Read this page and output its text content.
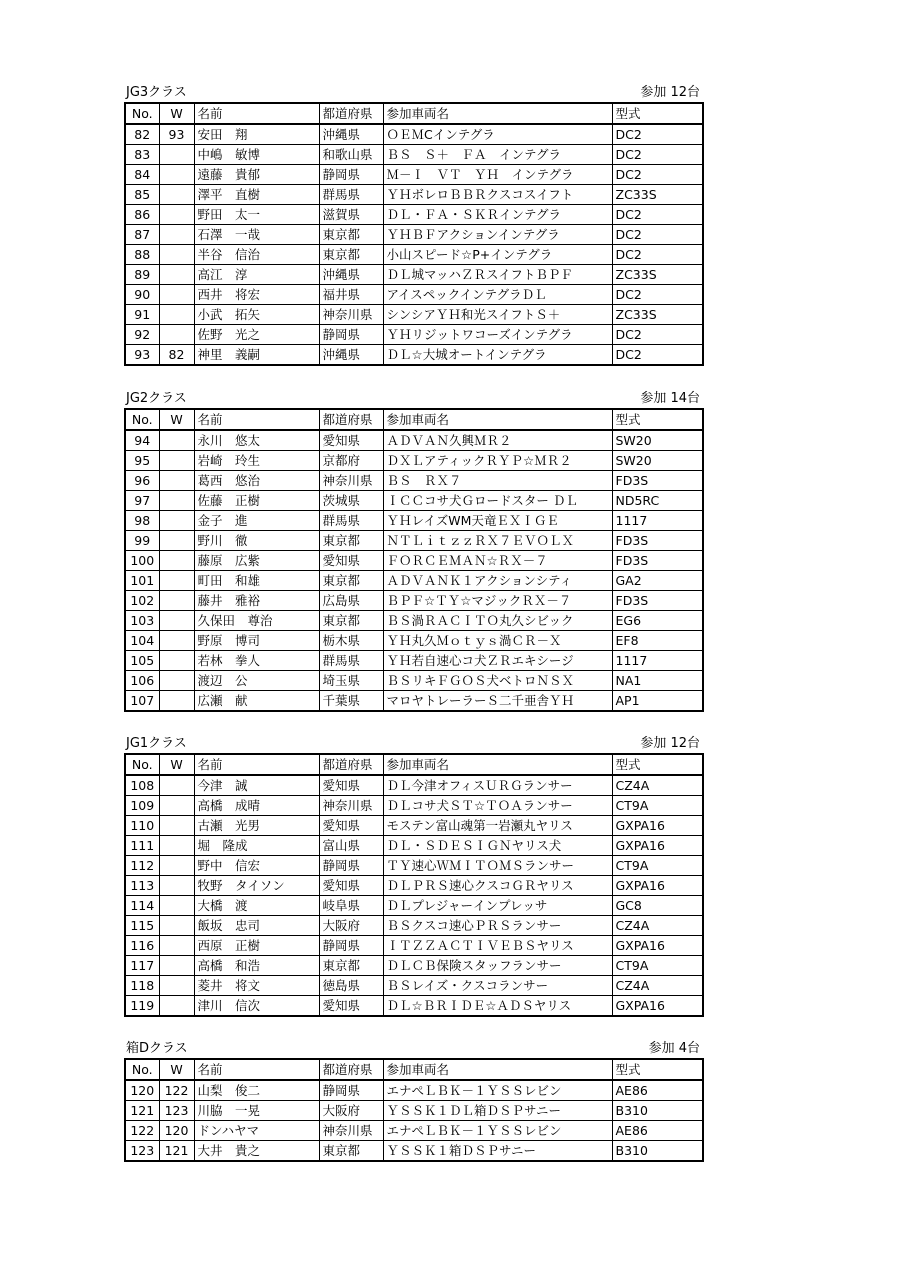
JG3クラス	参加 12台
No.	W	名前	都道府県	参加車両名	型式
82	93	安田　翔	沖縄県	ＯＥＭCインテグラ	DC2
83		中嶋　敏博	和歌山県	ＢＳ　Ｓ＋　ＦＡ　インテグラ	DC2
84		遠藤　貴郁	静岡県	Ｍ－Ｉ　ＶＴ　ＹＨ　インテグラ	DC2
85		澤平　直樹	群馬県	ＹＨボレロＢＢＲクスコスイフト	ZC33S
86		野田　太一	滋賀県	ＤＬ・ＦＡ・ＳＫＲインテグラ	DC2
87		石澤　一哉	東京都	ＹＨＢＦアクションインテグラ	DC2
88		半谷　信治	東京都	小山スピード☆P+インテグラ	DC2
89		高江　淳	沖縄県	ＤＬ城マッハＺＲスイフトＢＰＦ	ZC33S
90		西井　将宏	福井県	アイスペックインテグラＤＬ	DC2
91		小武　拓矢	神奈川県	シンシアＹＨ和光スイフトＳ＋	ZC33S
92		佐野　光之	静岡県	ＹＨリジットワコーズインテグラ	DC2
93	82	神里　義嗣	沖縄県	ＤＬ☆大城オートインテグラ	DC2
JG2クラス	参加 14台
No.	W	名前	都道府県	参加車両名	型式
94		永川　悠太	愛知県	ＡＤＶＡＮ久興ＭＲ２	SW20
95		岩崎　玲生	京都府	ＤＸＬアティックＲＹＰ☆ＭＲ２	SW20
96		葛西　悠治	神奈川県	ＢＳ　ＲＸ７	FD3S
97		佐藤　正樹	茨城県	ＩＣＣコサ犬Ｇロードスター ＤＬ	ND5RC
98		金子　進	群馬県	ＹＨレイズWM天竜ＥＸＩＧＥ	1117
99		野川　徹	東京都	ＮＴＬｉｔｚｚＲＸ７ＥＶＯＬＸ	FD3S
100		藤原　広紫	愛知県	ＦＯＲＣＥＭＡＮ☆ＲＸ－７	FD3S
101		町田　和雄	東京都	ＡＤＶＡＮＫ１アクションシティ	GA2
102		藤井　雅裕	広島県	ＢＰＦ☆ＴＹ☆マジックＲＸ－７	FD3S
103		久保田　尊治	東京都	ＢＳ渦ＲＡＣＩＴＯ丸久シビック	EG6
104		野原　博司	栃木県	ＹＨ丸久Ｍｏｔｙｓ渦ＣＲ－Ｘ	EF8
105		若林　拳人	群馬県	ＹＨ若自速心コ犬ＺＲエキシージ	1117
106		渡辺　公	埼玉県	ＢＳリキＦＧＯＳ犬ベトロＮＳＸ	NA1
107		広瀬　献	千葉県	マロヤトレーラーＳ二千亜舎ＹＨ	AP1
JG1クラス	参加 12台
No.	W	名前	都道府県	参加車両名	型式
108		今津　誠	愛知県	ＤＬ今津オフィスＵＲＧランサー	CZ4A
109		高橋　成晴	神奈川県	ＤＬコサ犬ＳＴ☆ＴＯＡランサー	CT9A
110		古瀬　光男	愛知県	モステン富山魂第一岩瀬丸ヤリス	GXPA16
111		堀　隆成	富山県	ＤＬ・ＳＤＥＳＩＧＮヤリス犬	GXPA16
112		野中　信宏	静岡県	ＴＹ速心ＷＭＩＴＯＭＳランサー	CT9A
113		牧野　タイソン	愛知県	ＤＬＰＲＳ速心クスコＧＲヤリス	GXPA16
114		大橋　渡	岐阜県	ＤＬプレジャーインプレッサ	GC8
115		飯坂　忠司	大阪府	ＢＳクスコ速心ＰＲＳランサー	CZ4A
116		西原　正樹	静岡県	ＩＴＺＺＡＣＴＩＶＥＢＳヤリス	GXPA16
117		高橋　和浩	東京都	ＤＬＣＢ保険スタッフランサー	CT9A
118		菱井　将文	徳島県	ＢＳレイズ・クスコランサー	CZ4A
119		津川　信次	愛知県	ＤＬ☆ＢＲＩＤＥ☆ＡＤＳヤリス	GXPA16
箱Dクラス	参加 4台
No.	W	名前	都道府県	参加車両名	型式
120	122	山梨　俊二	静岡県	エナぺＬＢＫ－１ＹＳＳレビン	AE86
121	123	川脇　一晃	大阪府	ＹＳＳＫ１ＤＬ箱ＤＳＰサニー	B310
122	120	ドンハヤマ	神奈川県	エナぺＬＢＫ－１ＹＳＳレビン	AE86
123	121	大井　貴之	東京都	ＹＳＳＫ１箱ＤＳＰサニー	B310
